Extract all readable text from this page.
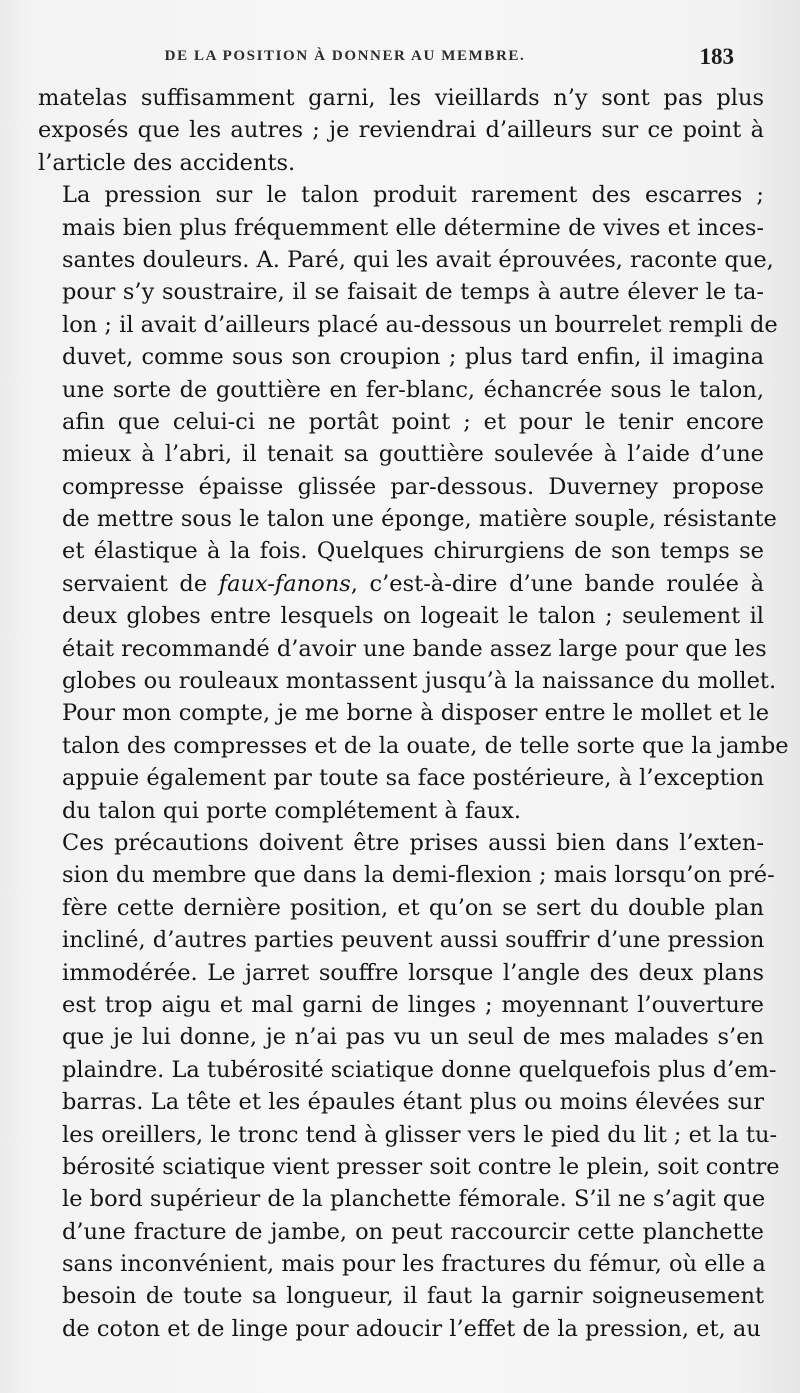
DE LA POSITION À DONNER AU MEMBRE.	183
matelas suffisamment garni, les vieillards n’y sont pas plus
exposés que les autres ; je reviendrai d’ailleurs sur ce point à
l’article des accidents.
La pression sur le talon produit rarement des escarres ;
mais bien plus fréquemment elle détermine de vives et inces-
santes douleurs. A. Paré, qui les avait éprouvées, raconte que,
pour s’y soustraire, il se faisait de temps à autre élever le ta-
lon ; il avait d’ailleurs placé au-dessous un bourrelet rempli de
duvet, comme sous son croupion ; plus tard enfin, il imagina
une sorte de gouttière en fer-blanc, échancrée sous le talon,
afin que celui-ci ne portât point ; et pour le tenir encore
mieux à l’abri, il tenait sa gouttière soulevée à l’aide d’une
compresse épaisse glissée par-dessous. Duverney propose
de mettre sous le talon une éponge, matière souple, résistante
et élastique à la fois. Quelques chirurgiens de son temps se
servaient de faux-fanons, c’est-à-dire d’une bande roulée à
deux globes entre lesquels on logeait le talon ; seulement il
était recommandé d’avoir une bande assez large pour que les
globes ou rouleaux montassent jusqu’à la naissance du mollet.
Pour mon compte, je me borne à disposer entre le mollet et le
talon des compresses et de la ouate, de telle sorte que la jambe
appuie également par toute sa face postérieure, à l’exception
du talon qui porte complétement à faux.
Ces précautions doivent être prises aussi bien dans l’exten-
sion du membre que dans la demi-flexion ; mais lorsqu’on pré-
fère cette dernière position, et qu’on se sert du double plan
incliné, d’autres parties peuvent aussi souffrir d’une pression
immodérée. Le jarret souffre lorsque l’angle des deux plans
est trop aigu et mal garni de linges ; moyennant l’ouverture
que je lui donne, je n’ai pas vu un seul de mes malades s’en
plaindre. La tubérosité sciatique donne quelquefois plus d’em-
barras. La tête et les épaules étant plus ou moins élevées sur
les oreillers, le tronc tend à glisser vers le pied du lit ; et la tu-
bérosité sciatique vient presser soit contre le plein, soit contre
le bord supérieur de la planchette fémorale. S’il ne s’agit que
d’une fracture de jambe, on peut raccourcir cette planchette
sans inconvénient, mais pour les fractures du fémur, où elle a
besoin de toute sa longueur, il faut la garnir soigneusement
de coton et de linge pour adoucir l’effet de la pression, et, au
